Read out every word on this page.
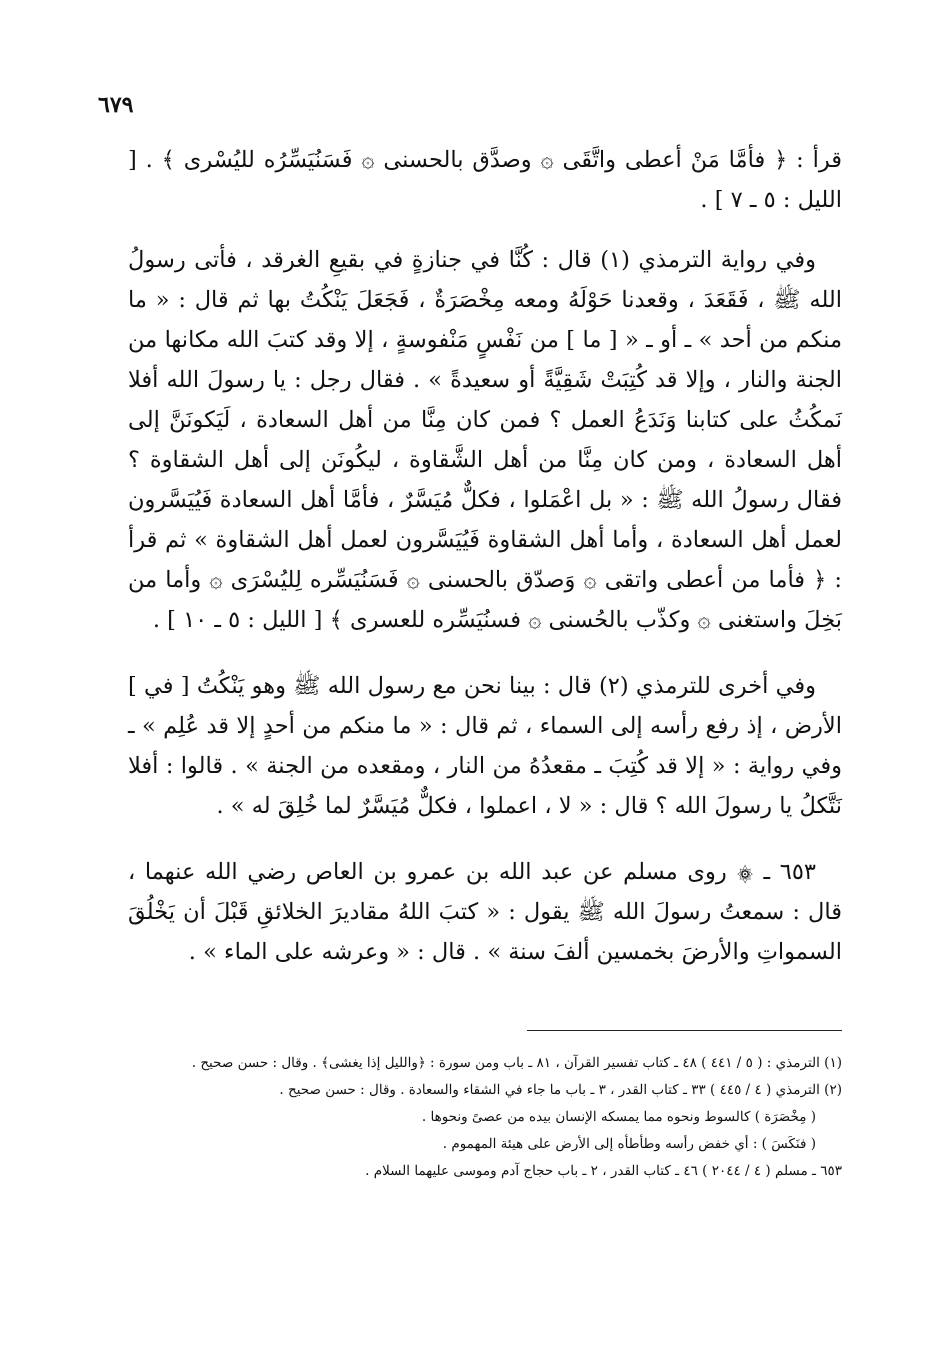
٦٧٩

قرأ : ﴿ فأمَّا مَنْ أعطى واتَّقَى ۞ وصدَّق بالحسنى ۞ فَسَنُيَسِّرُه لليُسْرى ﴾ . [ الليل : ٥ ـ ٧ ] .

وفي رواية الترمذي (١) قال : كُنَّا في جنازةٍ في بقيعِ الغرقد ، فأتى رسولُ الله ﷺ ، فَقَعَدَ ، وقعدنا حَوْلَهُ ومعه مِخْصَرَةٌ ، فَجَعَلَ يَنْكُتُ بها ثم قال : « ما منكم من أحد » ـ أو ـ « [ ما ] من نَفْسٍ مَنْفوسةٍ ، إلا وقد كتبَ الله مكانها من الجنة والنار ، وإلا قد كُتِبَتْ شَقِيَّةً أو سعيدةً » . فقال رجل : يا رسولَ الله أفلا نَمكُثُ على كتابنا وَنَدَعُ العمل ؟ فمن كان مِنَّا من أهل السعادة ، لَيَكونَنَّ إلى أهل السعادة ، ومن كان مِنَّا من أهل الشَّقاوة ، ليكُونَن إلى أهل الشقاوة ؟ فقال رسولُ الله ﷺ : « بل اعْمَلوا ، فكلٌّ مُيَسَّرٌ ، فأمَّا أهل السعادة فَيُيَسَّرون لعمل أهل السعادة ، وأما أهل الشقاوة فَيُيَسَّرون لعمل أهل الشقاوة » ثم قرأ : ﴿ فأما من أعطى واتقى ۞ وَصدّق بالحسنى ۞ فَسَنُيَسِّره لِليُسْرَى ۞ وأما من بَخِلَ واستغنى ۞ وكذّب بالحُسنى ۞ فسنُيَسِّره للعسرى ﴾ [ الليل : ٥ ـ ١٠ ] .

وفي أخرى للترمذي (٢) قال : بينا نحن مع رسول الله ﷺ وهو يَنْكُتُ [ في ] الأرض ، إذ رفع رأسه إلى السماء ، ثم قال : « ما منكم من أحدٍ إلا قد عُلِم » ـ وفي رواية : « إلا قد كُتِبَ ـ مقعدُهُ من النار ، ومقعده من الجنة » . قالوا : أفلا نَتَّكلُ يا رسولَ الله ؟ قال : « لا ، اعملوا ، فكلٌّ مُيَسَّرٌ لما خُلِقَ له » .

٦٥٣ ـ ۞ روى مسلم عن عبد الله بن عمرو بن العاص رضي الله عنهما ، قال : سمعتُ رسولَ الله ﷺ يقول : « كتبَ اللهُ مقاديرَ الخلائقِ قَبْلَ أن يَخْلُقَ السمواتِ والأرضَ بخمسين ألفَ سنة » . قال : « وعرشه على الماء » .

(١) الترمذي : ( ٥ / ٤٤١ ) ٤٨ ـ كتاب تفسير القرآن ، ٨١ ـ باب ومن سورة : ﴿والليل إذا يغشى﴾ . وقال : حسن صحيح .

(٢) الترمذي ( ٤ / ٤٤٥ ) ٣٣ ـ كتاب القدر ، ٣ ـ باب ما جاء في الشقاء والسعادة . وقال : حسن صحيح .

( مِخْصَرَة ) كالسوط ونحوه مما يمسكه الإنسان بيده من عصىً ونحوها .

( فنَكَسَ ) : أي خفض رأسه وطأطأه إلى الأرض على هيئة المهموم .

٦٥٣ ـ مسلم ( ٤ / ٢٠٤٤ ) ٤٦ ـ كتاب القدر ، ٢ ـ باب حجاج آدم وموسى عليهما السلام .
